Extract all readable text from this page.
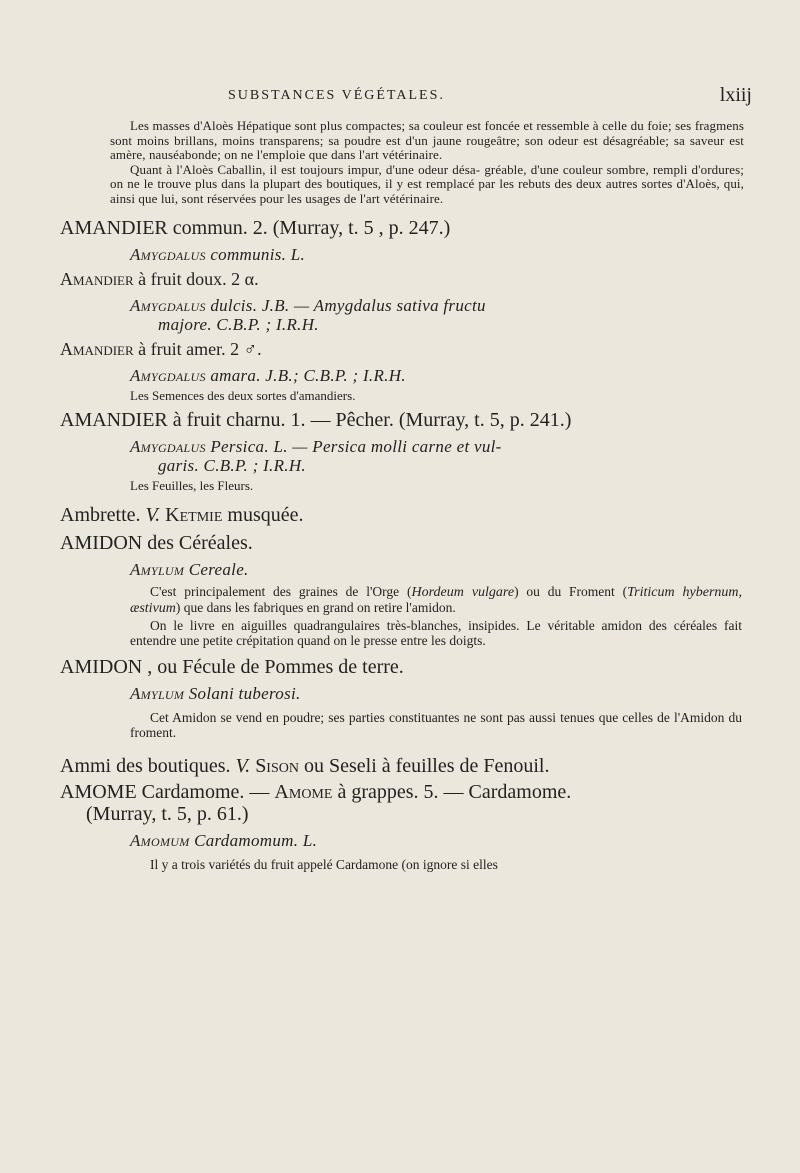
SUBSTANCES VÉGÉTALES.	lxiij
Les masses d'Aloès Hépatique sont plus compactes; sa couleur est foncée et ressemble à celle du foie; ses fragmens sont moins brillans, moins transparens; sa poudre est d'un jaune rougeâtre; son odeur est désagréable; sa saveur est amère, nauséabonde; on ne l'emploie que dans l'art vétérinaire.
Quant à l'Aloès Caballin, il est toujours impur, d'une odeur désa- gréable, d'une couleur sombre, rempli d'ordures; on ne le trouve plus dans la plupart des boutiques, il y est remplacé par les rebuts des deux autres sortes d'Aloès, qui, ainsi que lui, sont réservées pour les usages de l'art vétérinaire.
AMANDIER commun. 2. (Murray, t. 5 , p. 247.)
Amygdalus communis. L.
Amandier à fruit doux. 2 α.
Amygdalus dulcis. J.B. — Amygdalus sativa fructu
majore. C.B.P. ; I.R.H.
Amandier à fruit amer. 2 ♂.
Amygdalus amara. J.B.; C.B.P. ; I.R.H.
Les Semences des deux sortes d'amandiers.
AMANDIER à fruit charnu. 1. — Pêcher. (Murray, t. 5, p. 241.)
Amygdalus Persica. L. — Persica molli carne et vul-
garis. C.B.P. ; I.R.H.
Les Feuilles, les Fleurs.
Ambrette. V. Ketmie musquée.
AMIDON des Céréales.
Amylum Cereale.
C'est principalement des graines de l'Orge (Hordeum vulgare) ou du Froment (Triticum hybernum, æstivum) que dans les fabriques en grand on retire l'amidon.
On le livre en aiguilles quadrangulaires très-blanches, insipides. Le véritable amidon des céréales fait entendre une petite crépitation quand on le presse entre les doigts.
AMIDON , ou Fécule de Pommes de terre.
Amylum Solani tuberosi.
Cet Amidon se vend en poudre; ses parties constituantes ne sont pas aussi tenues que celles de l'Amidon du froment.
Ammi des boutiques. V. Sison ou Seseli à feuilles de Fenouil.
AMOME Cardamome. — Amome à grappes. 5. — Cardamome.
(Murray, t. 5, p. 61.)
Amomum Cardamomum. L.
Il y a trois variétés du fruit appelé Cardamone (on ignore si elles
